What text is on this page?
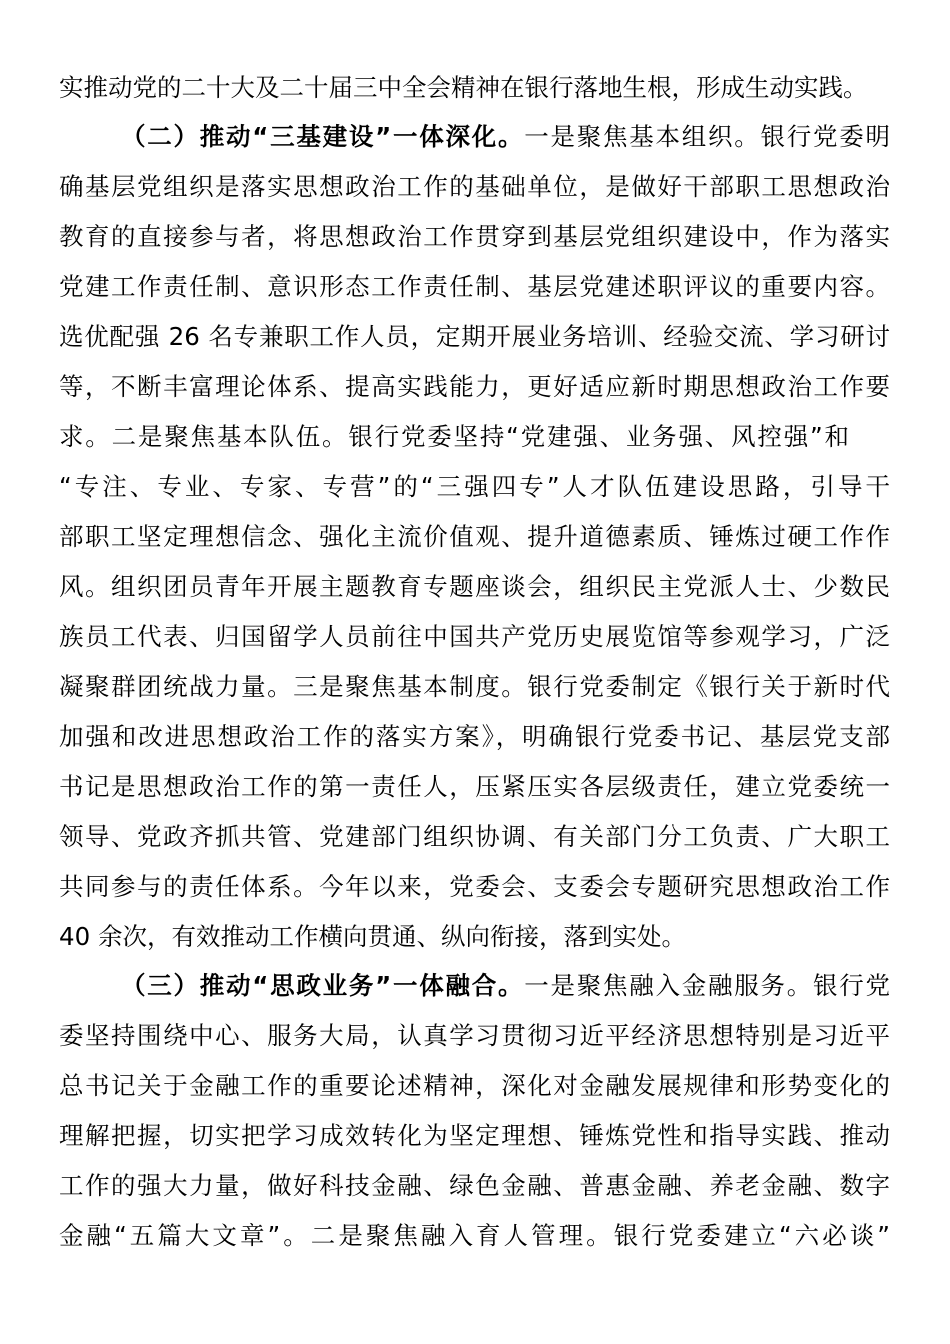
实推动党的二十大及二十届三中全会精神在银行落地生根，形成生动实践。
（二）推动“三基建设”一体深化。一是聚焦基本组织。银行党委明
确基层党组织是落实思想政治工作的基础单位，是做好干部职工思想政治
教育的直接参与者，将思想政治工作贯穿到基层党组织建设中，作为落实
党建工作责任制、意识形态工作责任制、基层党建述职评议的重要内容。
选优配强 26 名专兼职工作人员，定期开展业务培训、经验交流、学习研讨
等，不断丰富理论体系、提高实践能力，更好适应新时期思想政治工作要
求。二是聚焦基本队伍。银行党委坚持“党建强、业务强、风控强”和
“专注、专业、专家、专营”的“三强四专”人才队伍建设思路，引导干
部职工坚定理想信念、强化主流价值观、提升道德素质、锤炼过硬工作作
风。组织团员青年开展主题教育专题座谈会，组织民主党派人士、少数民
族员工代表、归国留学人员前往中国共产党历史展览馆等参观学习，广泛
凝聚群团统战力量。三是聚焦基本制度。银行党委制定《银行关于新时代
加强和改进思想政治工作的落实方案》，明确银行党委书记、基层党支部
书记是思想政治工作的第一责任人，压紧压实各层级责任，建立党委统一
领导、党政齐抓共管、党建部门组织协调、有关部门分工负责、广大职工
共同参与的责任体系。今年以来，党委会、支委会专题研究思想政治工作
40 余次，有效推动工作横向贯通、纵向衔接，落到实处。
（三）推动“思政业务”一体融合。一是聚焦融入金融服务。银行党
委坚持围绕中心、服务大局，认真学习贯彻习近平经济思想特别是习近平
总书记关于金融工作的重要论述精神，深化对金融发展规律和形势变化的
理解把握，切实把学习成效转化为坚定理想、锤炼党性和指导实践、推动
工作的强大力量，做好科技金融、绿色金融、普惠金融、养老金融、数字
金融“五篇大文章”。二是聚焦融入育人管理。银行党委建立“六必谈”
